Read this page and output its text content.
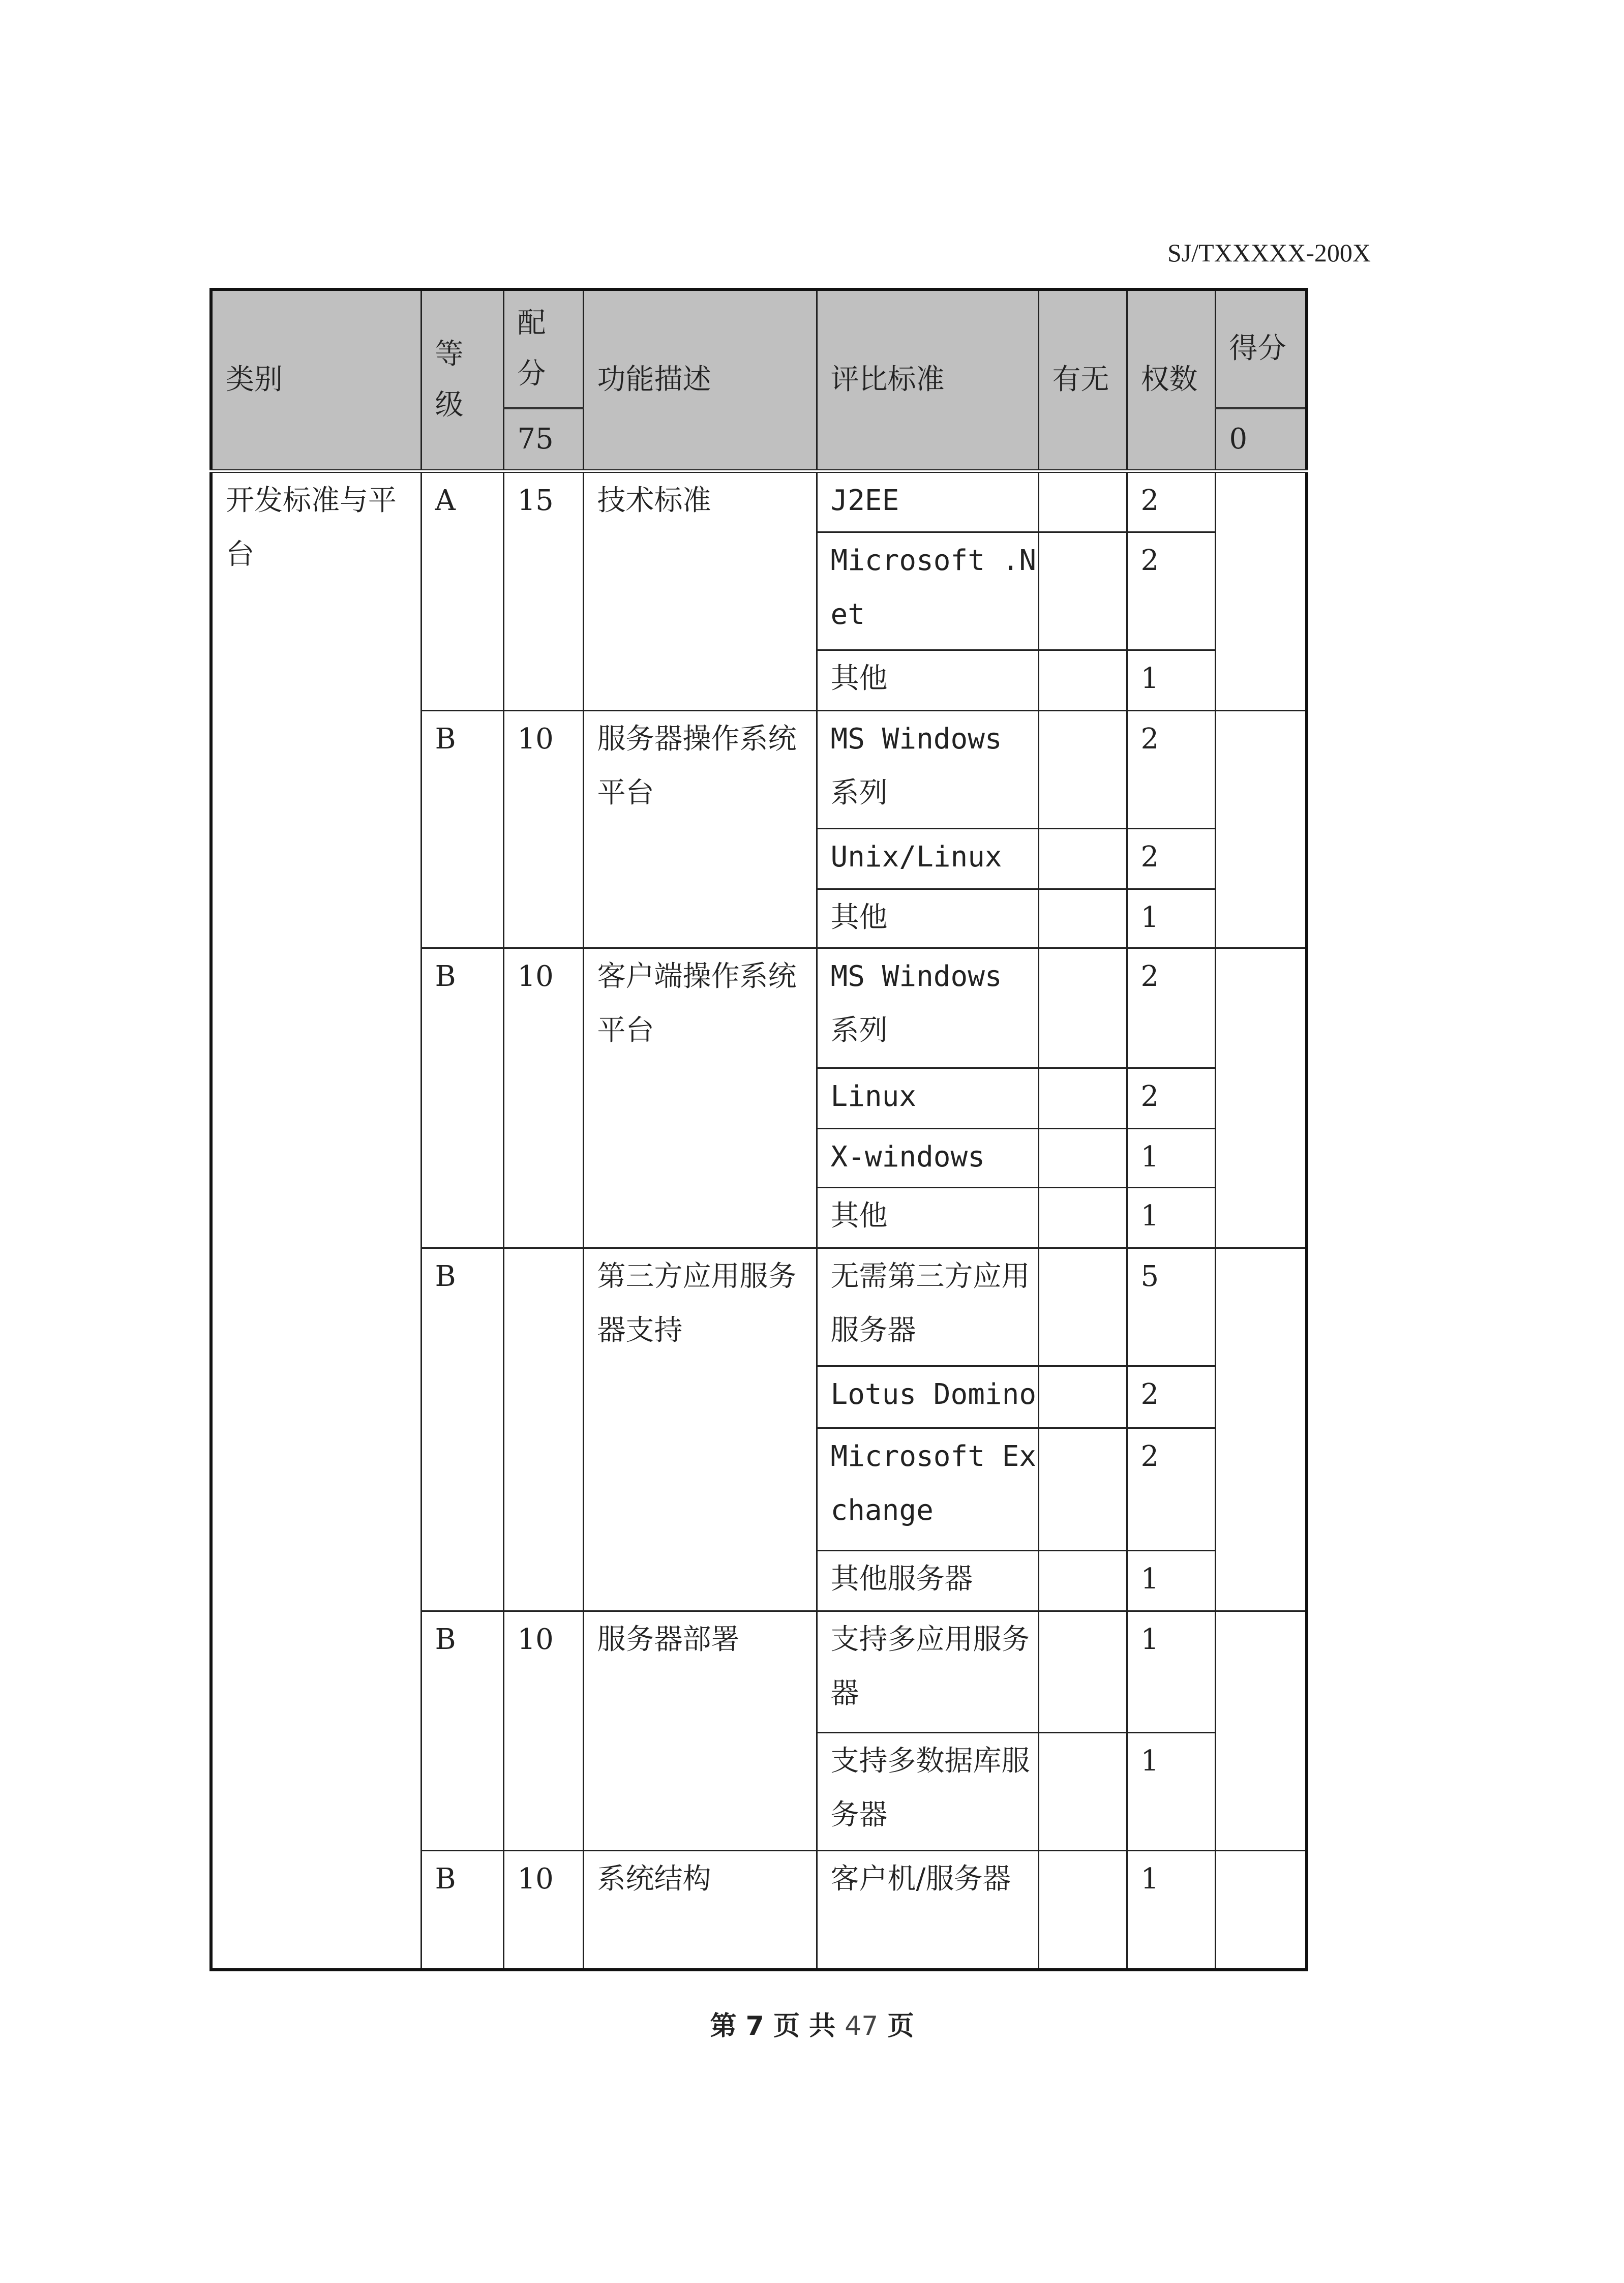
SJ/TXXXXX-200X
类别	等级	配分	功能描述	评比标准	有无	权数	得分
		75					0
开发标准与平台	A	15	技术标准	J2EE		2	
				Microsoft .Net		2	
				其他		1	
	B	10	服务器操作系统平台	MS Windows 系列		2	
				Unix/Linux		2	
				其他		1	
	B	10	客户端操作系统平台	MS Windows 系列		2	
				Linux		2	
				X-windows		1	
				其他		1	
	B		第三方应用服务器支持	无需第三方应用服务器		5	
				Lotus Domino		2	
				Microsoft Exchange		2	
				其他服务器		1	
	B	10	服务器部署	支持多应用服务器		1	
				支持多数据库服务器		1	
	B	10	系统结构	客户机/服务器		1	
第 7 页 共 47 页
